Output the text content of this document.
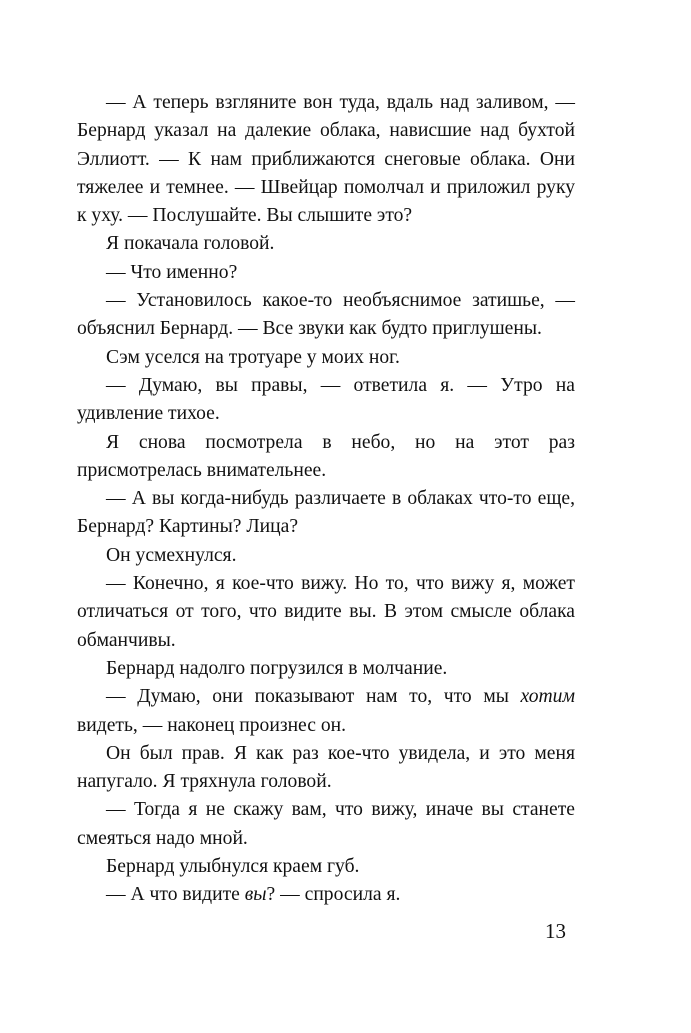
— А теперь взгляните вон туда, вдаль над заливом, — Бернард указал на далекие облака, нависшие над бухтой Эллиотт. — К нам приближаются снеговые облака. Они тяжелее и темнее. — Швейцар помолчал и приложил руку к уху. — Послушайте. Вы слышите это?

Я покачала головой.

— Что именно?

— Установилось какое-то необъяснимое затишье, — объяснил Бернард. — Все звуки как будто приглушены.

Сэм уселся на тротуаре у моих ног.

— Думаю, вы правы, — ответила я. — Утро на удивление тихое.

Я снова посмотрела в небо, но на этот раз присмотрелась внимательнее.

— А вы когда-нибудь различаете в облаках что-то еще, Бернард? Картины? Лица?

Он усмехнулся.

— Конечно, я кое-что вижу. Но то, что вижу я, может отличаться от того, что видите вы. В этом смысле облака обманчивы.

Бернард надолго погрузился в молчание.

— Думаю, они показывают нам то, что мы хотим видеть, — наконец произнес он.

Он был прав. Я как раз кое-что увидела, и это меня напугало. Я тряхнула головой.

— Тогда я не скажу вам, что вижу, иначе вы станете смеяться надо мной.

Бернард улыбнулся краем губ.

— А что видите вы? — спросила я.

13
